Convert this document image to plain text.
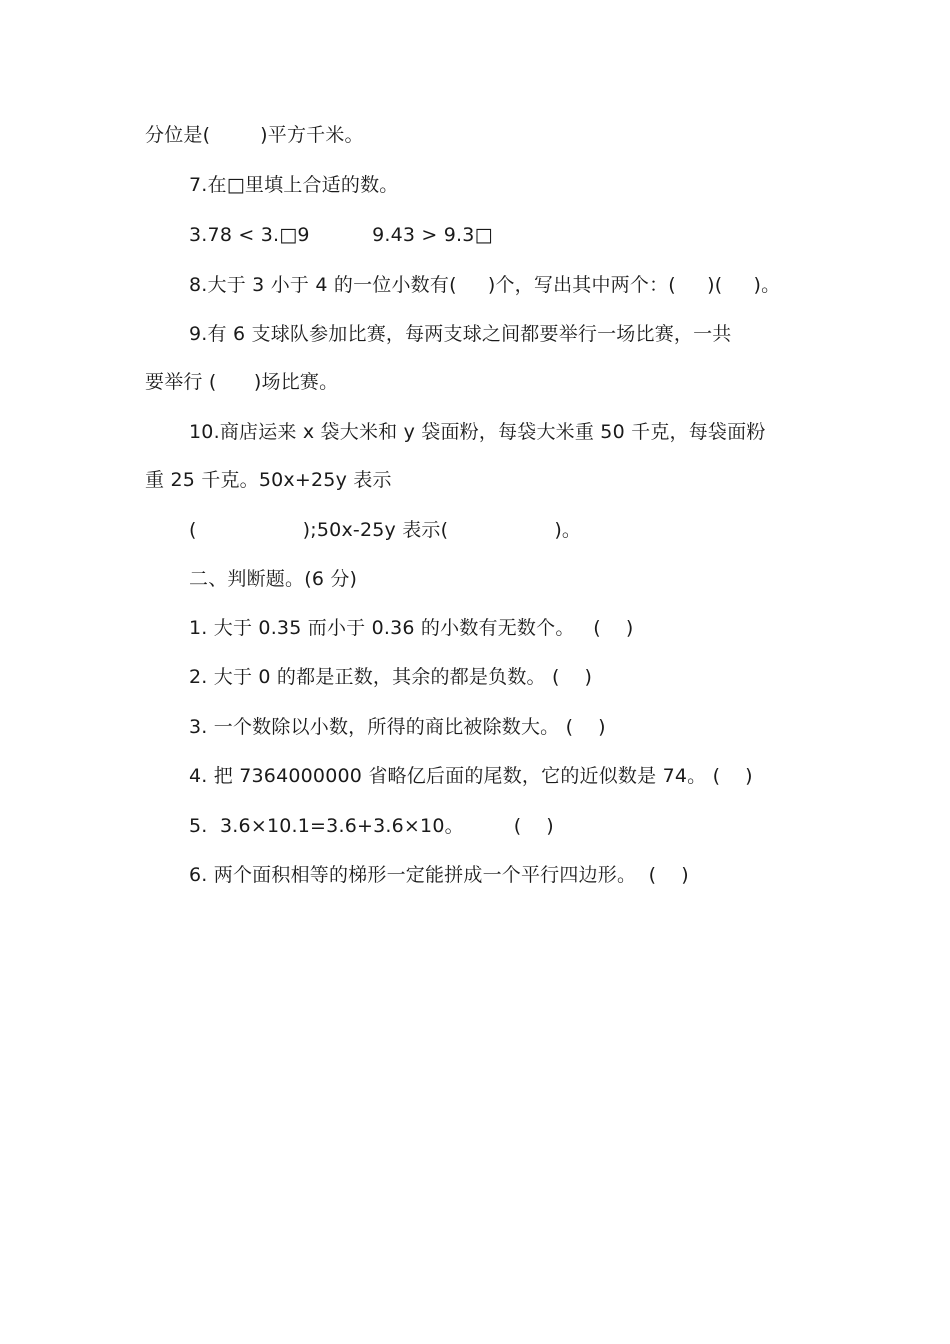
分位是(        )平方千米。
7.在□里填上合适的数。
3.78 < 3.□9          9.43 > 9.3□
8.大于 3 小于 4 的一位小数有(     )个，写出其中两个：(     )(     )。
9.有 6 支球队参加比赛，每两支球之间都要举行一场比赛，一共
要举行 (      )场比赛。
10.商店运来 x 袋大米和 y 袋面粉，每袋大米重 50 千克，每袋面粉
重 25 千克。50x+25y 表示
(                 );50x-25y 表示(                 )。
二、判断题。(6 分)
1. 大于 0.35 而小于 0.36 的小数有无数个。   (    )
2. 大于 0 的都是正数，其余的都是负数。 (    )
3. 一个数除以小数，所得的商比被除数大。 (    )
4. 把 7364000000 省略亿后面的尾数，它的近似数是 74。 (    )
5.  3.6×10.1=3.6+3.6×10。        (    )
6. 两个面积相等的梯形一定能拼成一个平行四边形。  (    )
